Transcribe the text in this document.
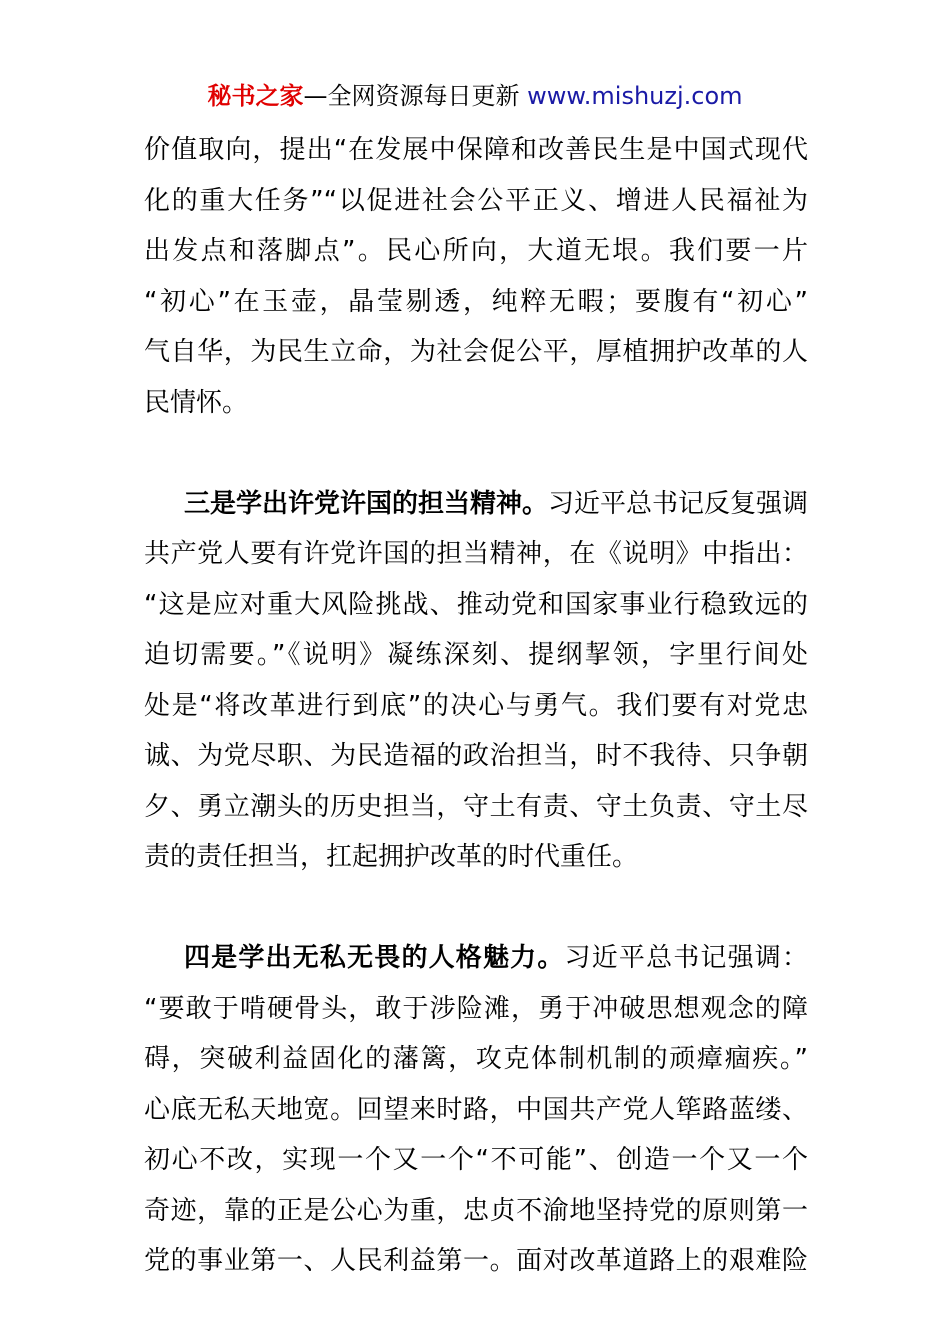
秘书之家—全网资源每日更新 www.mishuzj.com
价值取向，提出“在发展中保障和改善民生是中国式现代
化的重大任务”“以促进社会公平正义、增进人民福祉为
出发点和落脚点”。民心所向，大道无垠。我们要一片
“初心”在玉壶，晶莹剔透，纯粹无暇；要腹有“初心”
气自华，为民生立命，为社会促公平，厚植拥护改革的人
民情怀。
三是学出许党许国的担当精神。习近平总书记反复强调
共产党人要有许党许国的担当精神，在《说明》中指出：
“这是应对重大风险挑战、推动党和国家事业行稳致远的
迫切需要。”《说明》凝练深刻、提纲挈领，字里行间处
处是“将改革进行到底”的决心与勇气。我们要有对党忠
诚、为党尽职、为民造福的政治担当，时不我待、只争朝
夕、勇立潮头的历史担当，守土有责、守土负责、守土尽
责的责任担当，扛起拥护改革的时代重任。
四是学出无私无畏的人格魅力。习近平总书记强调：
“要敢于啃硬骨头，敢于涉险滩，勇于冲破思想观念的障
碍，突破利益固化的藩篱，攻克体制机制的顽瘴痼疾。”
心底无私天地宽。回望来时路，中国共产党人筚路蓝缕、
初心不改，实现一个又一个“不可能”、创造一个又一个
奇迹，靠的正是公心为重，忠贞不渝地坚持党的原则第一
党的事业第一、人民利益第一。面对改革道路上的艰难险
